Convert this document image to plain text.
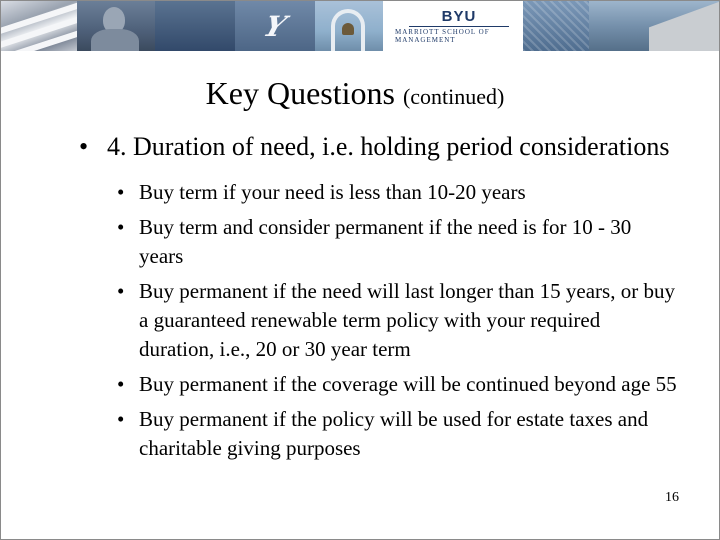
Y	BYU
MARRIOTT SCHOOL OF MANAGEMENT
Key Questions (continued)
• 4. Duration of need, i.e. holding period considerations
• Buy term if your need is less than 10-20 years
• Buy term and consider permanent if the need is for 10 - 30 years
• Buy permanent if the need will last longer than 15 years, or buy a guaranteed renewable term policy with your required duration, i.e., 20 or 30 year term
• Buy permanent if the coverage will be continued beyond age 55
• Buy permanent if the policy will be used for estate taxes and charitable giving purposes
16
